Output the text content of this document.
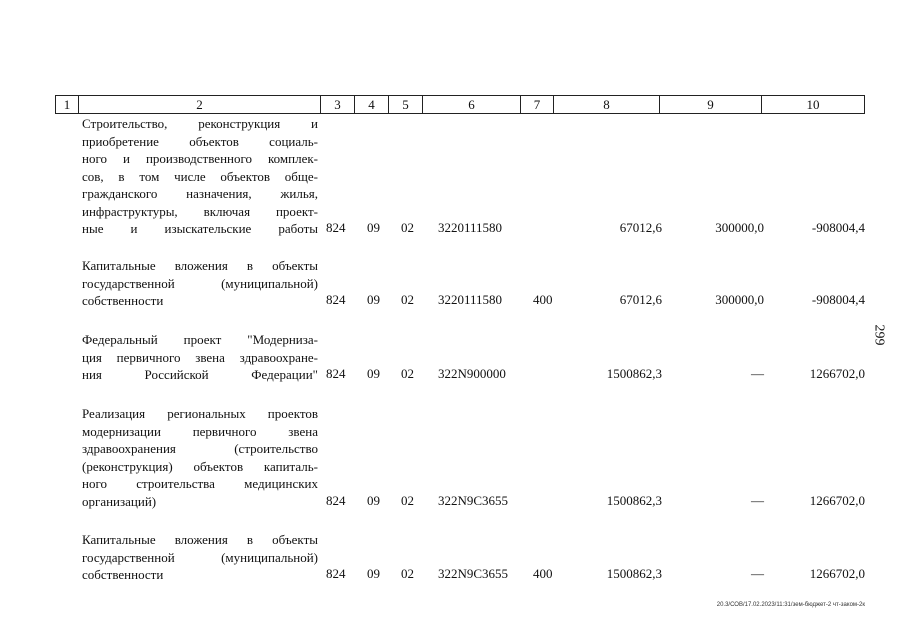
1	2	3	4	5	6	7	8	9	10
Строительство, реконструкция и
приобретение объектов социаль-
ного и производственного комплек-
сов, в том числе объектов обще-
гражданского назначения, жилья,
инфраструктуры, включая проект-
ные и изыскательские работы 824 09 02 3220111580	67012,6	300000,0	-908004,4
Капитальные вложения в объекты
государственной (муниципальной)
собственности	824 09 02 3220111580 400	67012,6	300000,0	-908004,4
Федеральный проект "Модерниза-
ция первичного звена здравоохране-
ния Российской Федерации" 824 09 02 322N900000	1500862,3	—	1266702,0
Реализация региональных проектов
модернизации первичного звена
здравоохранения (строительство
(реконструкция) объектов капиталь-
ного строительства медицинских
организаций)	824 09 02 322N9C3655	1500862,3	—	1266702,0
Капитальные вложения в объекты
государственной (муниципальной)
собственности	824 09 02 322N9C3655 400	1500862,3	—	1266702,0
299
20.3/СОВ/17.02.2023/11:31/зем-бюджет-2 чт-заком-2к
